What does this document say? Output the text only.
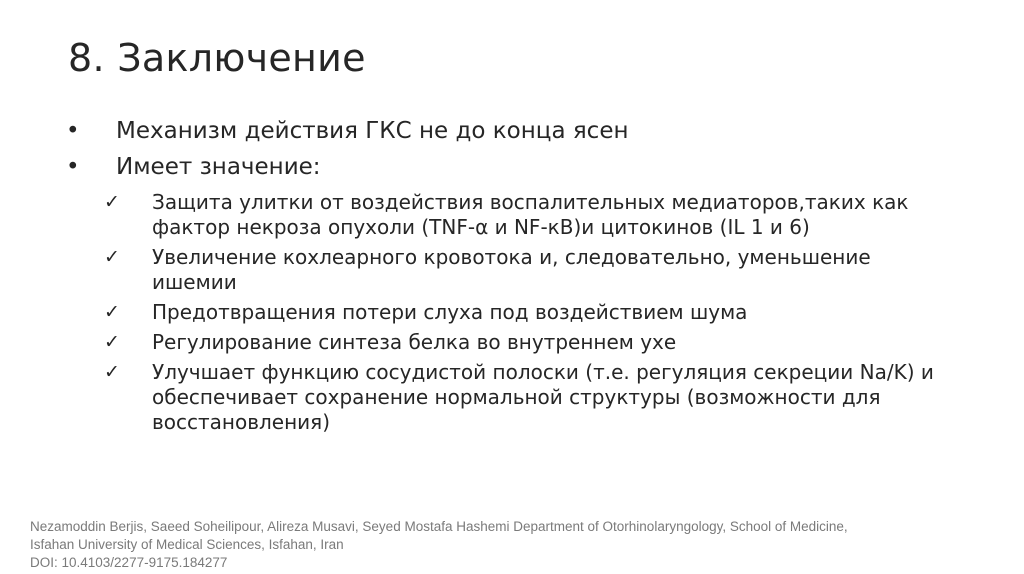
8. Заключение
•	Механизм действия ГКС не до конца ясен
•	Имеет значение:
✓	Защита улитки от воздействия воспалительных медиаторов,таких как фактор некроза опухоли (TNF-α и NF-кB)и цитокинов (IL 1 и 6)
✓	Увеличение кохлеарного кровотока и, следовательно, уменьшение ишемии
✓	Предотвращения потери слуха под воздействием шума
✓	Регулирование синтеза белка во внутреннем ухе
✓	Улучшает функцию сосудистой полоски (т.е. регуляция секреции Na/K) и обеспечивает сохранение нормальной структуры (возможности для восстановления)
Nezamoddin Berjis, Saeed Soheilipour, Alireza Musavi, Seyed Mostafa Hashemi Department of Otorhinolaryngology, School of Medicine,
Isfahan University of Medical Sciences, Isfahan, Iran
DOI: 10.4103/2277-9175.184277
